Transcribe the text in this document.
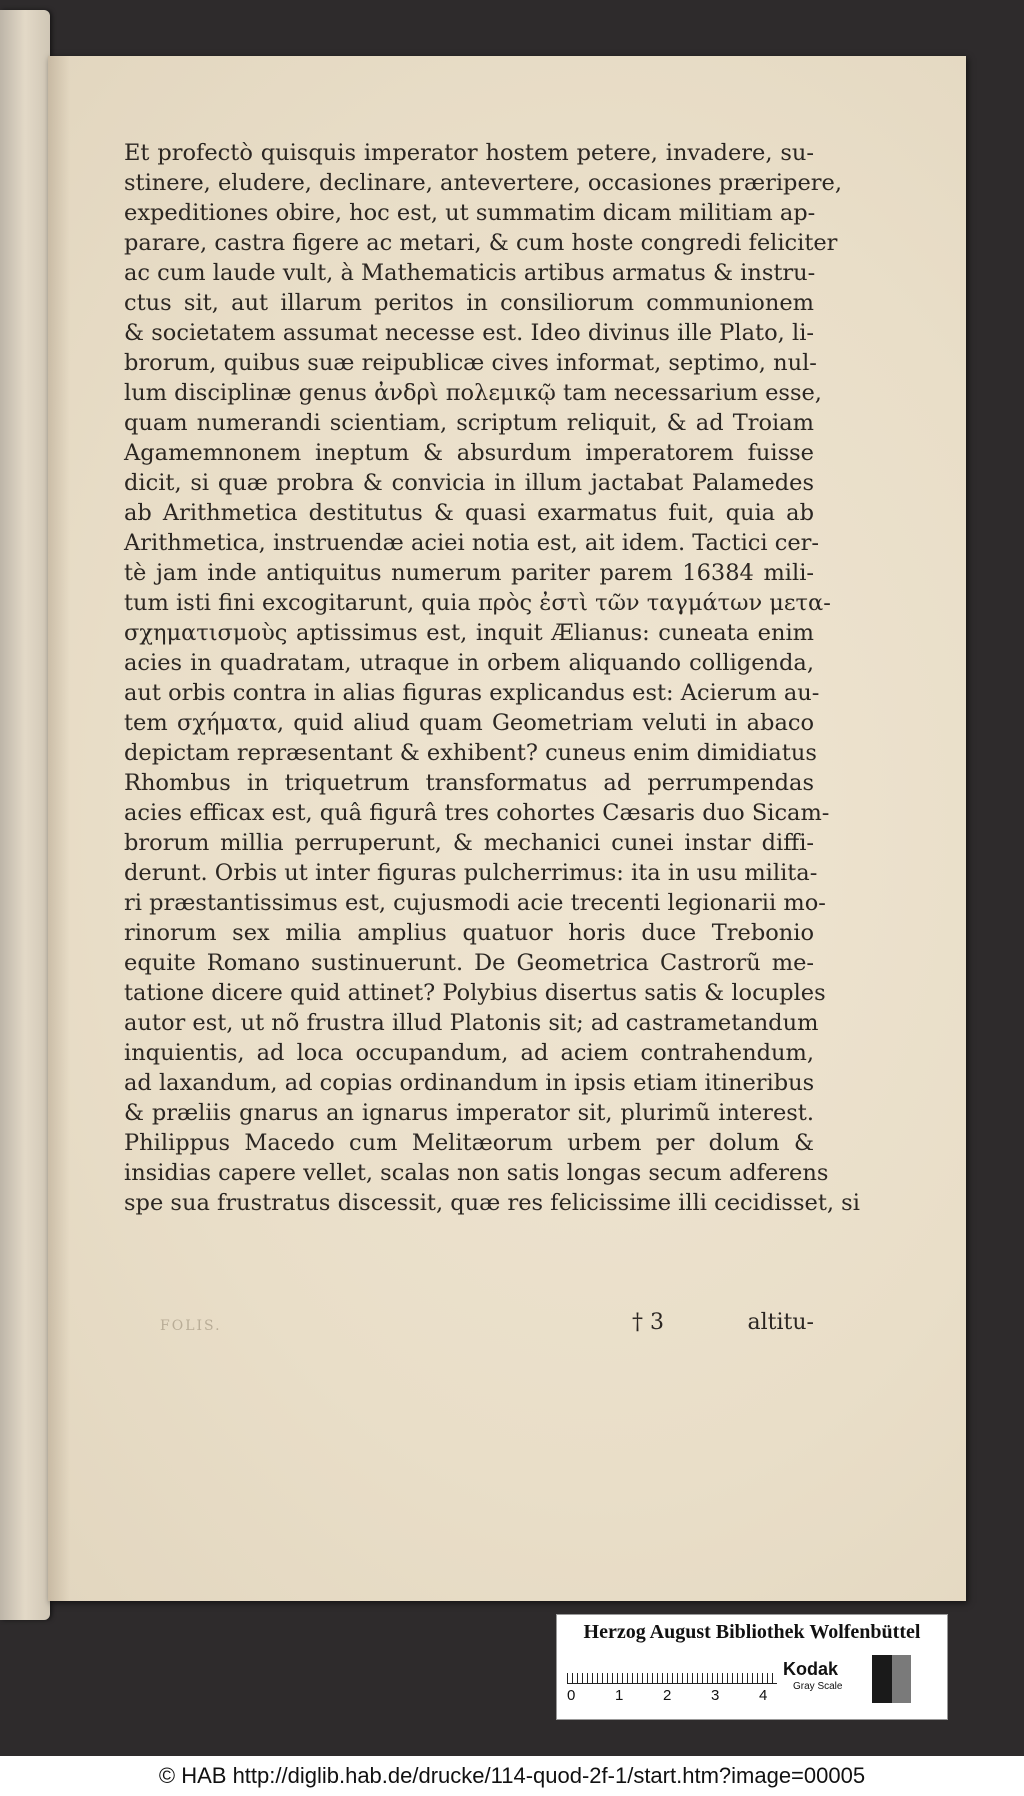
Et profectò quisquis imperator hostem petere, invadere, su-
stinere, eludere, declinare, antevertere, occasiones præripere,
expeditiones obire, hoc est, ut summatim dicam militiam ap-
parare, castra figere ac metari, & cum hoste congredi feliciter
ac cum laude vult, à Mathematicis artibus armatus & instru-
ctus sit, aut illarum peritos in consiliorum communionem
& societatem assumat necesse est. Ideo divinus ille Plato, li-
brorum, quibus suæ reipublicæ cives informat, septimo, nul-
lum disciplinæ genus ἀνδρὶ πολεμικῷ tam necessarium esse,
quam numerandi scientiam, scriptum reliquit, & ad Troiam
Agamemnonem ineptum & absurdum imperatorem fuisse
dicit, si quæ probra & convicia in illum jactabat Palamedes
ab Arithmetica destitutus & quasi exarmatus fuit, quia ab
Arithmetica, instruendæ aciei notia est, ait idem. Tactici cer-
tè jam inde antiquitus numerum pariter parem 16384 mili-
tum isti fini excogitarunt, quia πρὸς ἐστὶ τῶν ταγμάτων μετα-
σχηματισμοὺς aptissimus est, inquit Ælianus: cuneata enim
acies in quadratam, utraque in orbem aliquando colligenda,
aut orbis contra in alias figuras explicandus est: Acierum au-
tem σχήματα, quid aliud quam Geometriam veluti in abaco
depictam repræsentant & exhibent? cuneus enim dimidiatus
Rhombus in triquetrum transformatus ad perrumpendas
acies efficax est, quâ figurâ tres cohortes Cæsaris duo Sicam-
brorum millia perruperunt, & mechanici cunei instar diffi-
derunt. Orbis ut inter figuras pulcherrimus: ita in usu milita-
ri præstantissimus est, cujusmodi acie trecenti legionarii mo-
rinorum sex milia amplius quatuor horis duce Trebonio
equite Romano sustinuerunt. De Geometrica Castrorũ me-
tatione dicere quid attinet? Polybius disertus satis & locuples
autor est, ut nõ frustra illud Platonis sit; ad castrametandum
inquientis, ad loca occupandum, ad aciem contrahendum,
ad laxandum, ad copias ordinandum in ipsis etiam itineribus
& præliis gnarus an ignarus imperator sit, plurimũ interest.
Philippus Macedo cum Melitæorum urbem per dolum &
insidias capere vellet, scalas non satis longas secum adferens
spe sua frustratus discessit, quæ res felicissime illi cecidisset, si
† 3	altitu-
FOLIS.
Herzog August Bibliothek Wolfenbüttel
0	1	2	3	4
Kodak
Gray Scale
© HAB http://diglib.hab.de/drucke/114-quod-2f-1/start.htm?image=00005
